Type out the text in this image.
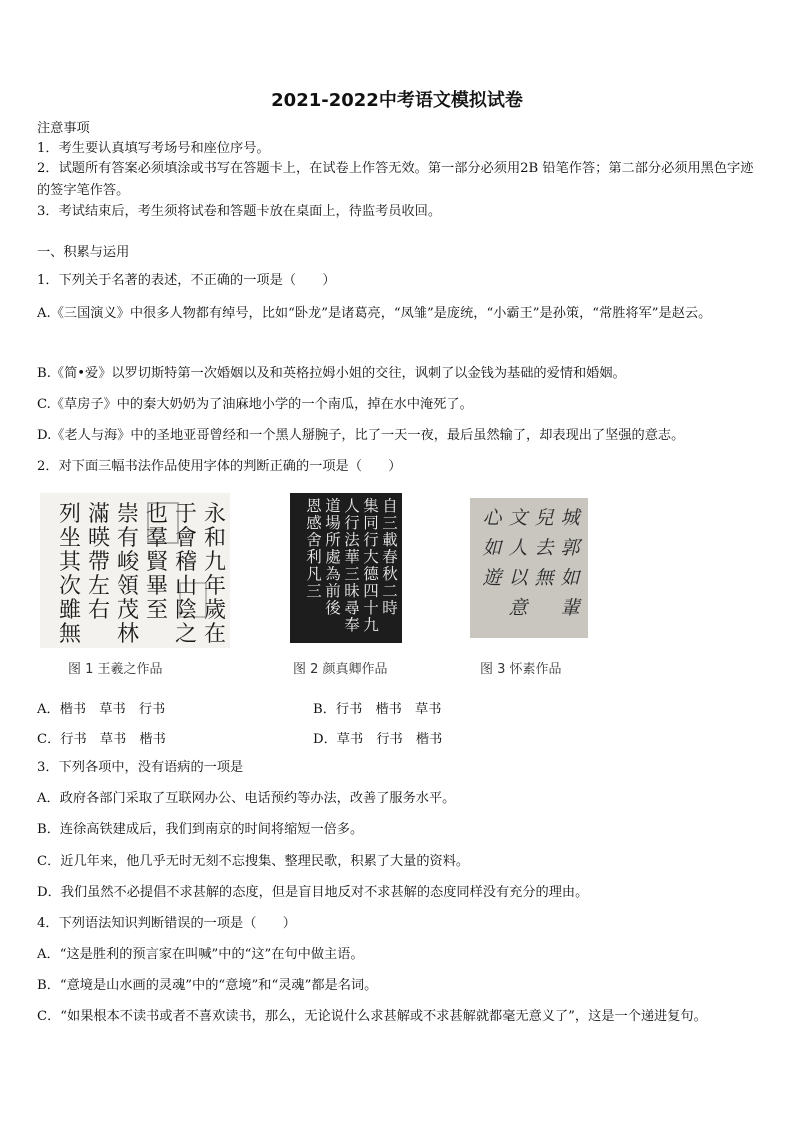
2021-2022中考语文模拟试卷
注意事项
1．考生要认真填写考场号和座位序号。
2．试题所有答案必须填涂或书写在答题卡上，在试卷上作答无效。第一部分必须用2B 铅笔作答；第二部分必须用黑色字迹的签字笔作答。
3．考试结束后，考生须将试卷和答题卡放在桌面上，待监考员收回。
一、积累与运用
1．下列关于名著的表述，不正确的一项是（　　）
A.《三国演义》中很多人物都有绰号，比如“卧龙”是诸葛亮，“凤雏”是庞统，“小霸王”是孙策，“常胜将军”是赵云。
B.《简•爱》以罗切斯特第一次婚姻以及和英格拉姆小姐的交往，讽刺了以金钱为基础的爱情和婚姻。
C.《草房子》中的秦大奶奶为了油麻地小学的一个南瓜，掉在水中淹死了。
D.《老人与海》中的圣地亚哥曾经和一个黑人掰腕子，比了一天一夜，最后虽然输了，却表现出了坚强的意志。
2．对下面三幅书法作品使用字体的判断正确的一项是（　　）
永和九年歲在
于會稽山陰之
也羣賢畢至
崇有峻領茂林
滿暎帶左右
列坐其次雖無
图 1 王羲之作品
自三載春秋二時
集同行大德四十九
人行法華三昧尋奉
道場所處為前後
恩感舍利凡三
图 2 颜真卿作品
城郭如輩
兒去無
文人以意
心如遊
图 3 怀素作品
A．楷书　草书　行书	B．行书　楷书　草书
C．行书　草书　楷书	D．草书　行书　楷书
3．下列各项中，没有语病的一项是
A．政府各部门采取了互联网办公、电话预约等办法，改善了服务水平。
B．连徐高铁建成后，我们到南京的时间将缩短一倍多。
C．近几年来，他几乎无时无刻不忘搜集、整理民歌，积累了大量的资料。
D．我们虽然不必提倡不求甚解的态度，但是盲目地反对不求甚解的态度同样没有充分的理由。
4．下列语法知识判断错误的一项是（　　）
A．“这是胜利的预言家在叫喊”中的“这”在句中做主语。
B．“意境是山水画的灵魂”中的“意境”和“灵魂”都是名词。
C．“如果根本不读书或者不喜欢读书，那么，无论说什么求甚解或不求甚解就都毫无意义了”，这是一个递进复句。
